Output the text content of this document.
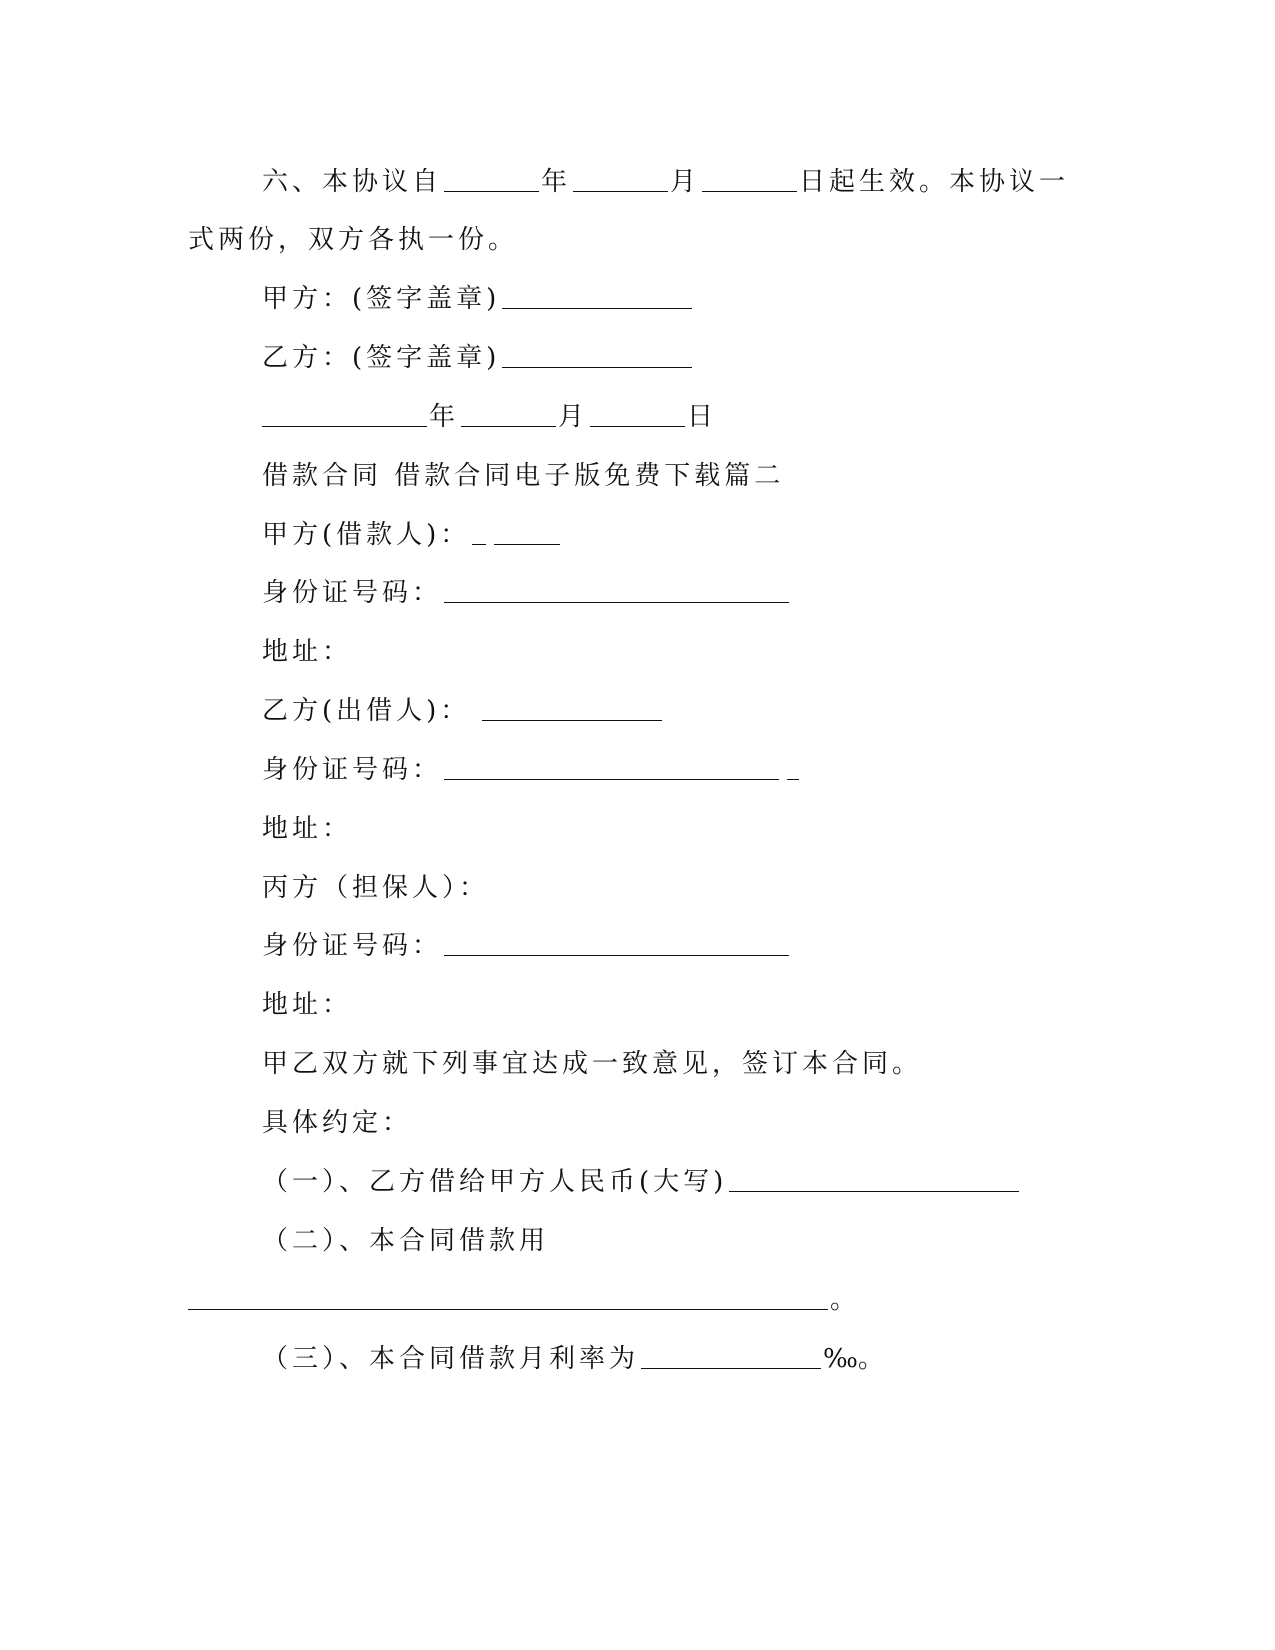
六、本协议自	年	月	日起生效。本协议一
式两份，双方各执一份。
甲方：(签字盖章)
乙方：(签字盖章)
年	月	日
借款合同 借款合同电子版免费下载篇二
甲方(借款人)：
身份证号码：
地址：
乙方(出借人)：
身份证号码：
地址：
丙方（担保人）：
身份证号码：
地址：
甲乙双方就下列事宜达成一致意见，签订本合同。
具体约定：
（一）、乙方借给甲方人民币(大写)
（二）、本合同借款用
。
（三）、本合同借款月利率为	‰。
